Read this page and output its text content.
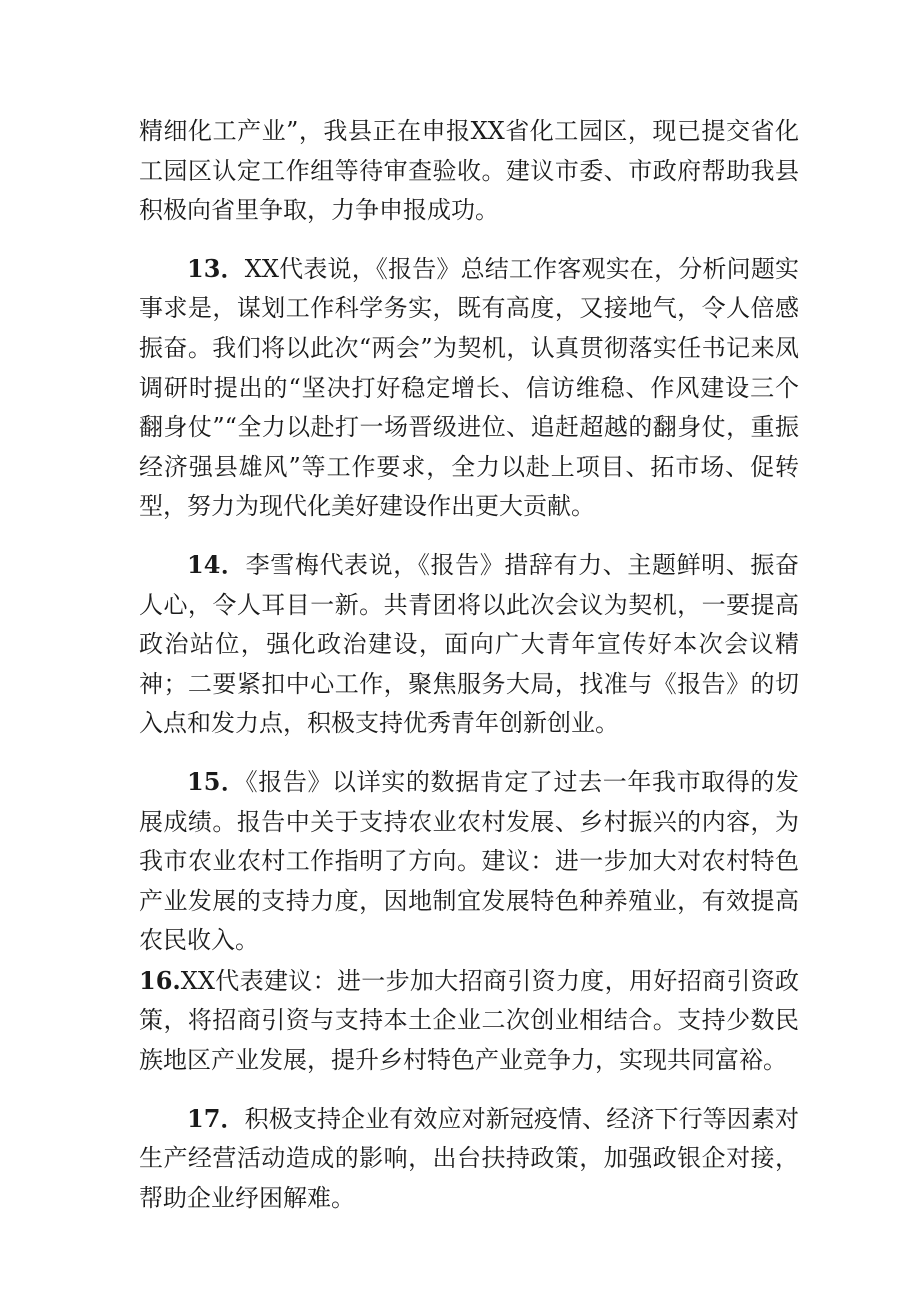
精细化工产业”，我县正在申报XX省化工园区，现已提交省化工园区认定工作组等待审查验收。建议市委、市政府帮助我县积极向省里争取，力争申报成功。

13．XX代表说，《报告》总结工作客观实在，分析问题实事求是，谋划工作科学务实，既有高度，又接地气，令人倍感振奋。我们将以此次“两会”为契机，认真贯彻落实任书记来凤调研时提出的“坚决打好稳定增长、信访维稳、作风建设三个翻身仗”“全力以赴打一场晋级进位、追赶超越的翻身仗，重振经济强县雄风”等工作要求，全力以赴上项目、拓市场、促转型，努力为现代化美好建设作出更大贡献。

14．李雪梅代表说，《报告》措辞有力、主题鲜明、振奋人心，令人耳目一新。共青团将以此次会议为契机，一要提高政治站位，强化政治建设，面向广大青年宣传好本次会议精神；二要紧扣中心工作，聚焦服务大局，找准与《报告》的切入点和发力点，积极支持优秀青年创新创业。

15．《报告》以详实的数据肯定了过去一年我市取得的发展成绩。报告中关于支持农业农村发展、乡村振兴的内容，为我市农业农村工作指明了方向。建议：进一步加大对农村特色产业发展的支持力度，因地制宜发展特色种养殖业，有效提高农民收入。

16.XX代表建议：进一步加大招商引资力度，用好招商引资政策，将招商引资与支持本土企业二次创业相结合。支持少数民族地区产业发展，提升乡村特色产业竞争力，实现共同富裕。

17．积极支持企业有效应对新冠疫情、经济下行等因素对生产经营活动造成的影响，出台扶持政策，加强政银企对接，帮助企业纾困解难。
